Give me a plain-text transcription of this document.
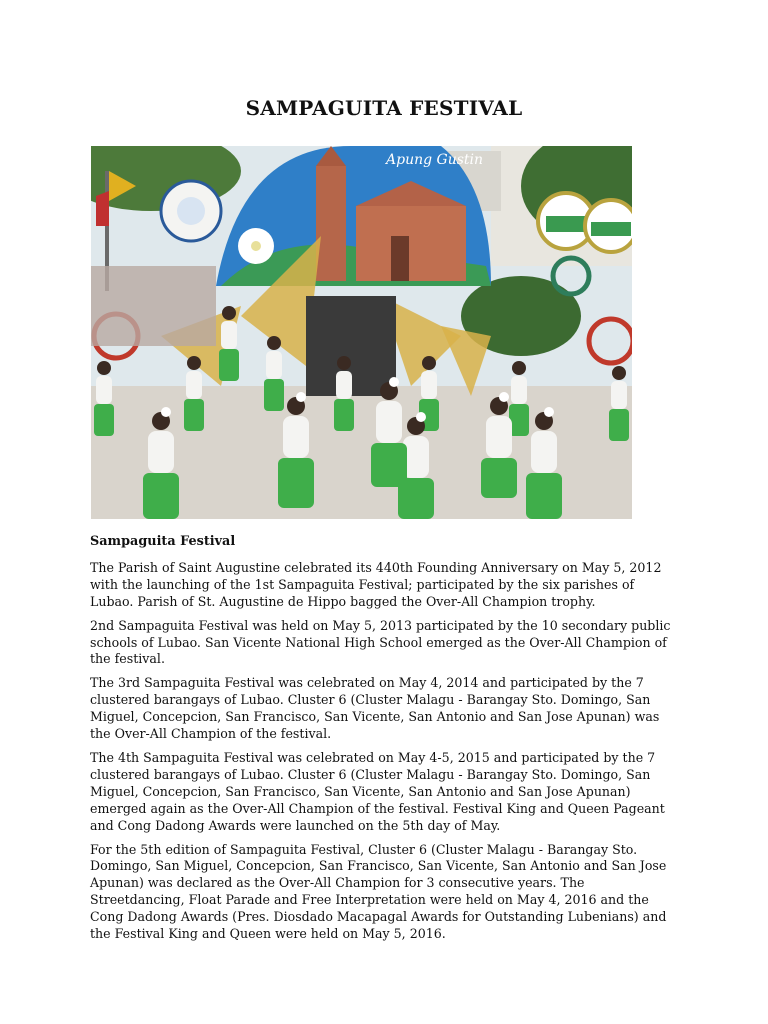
SAMPAGUITA FESTIVAL
Apung Gustin
Sampaguita Festival

The Parish of Saint Augustine celebrated its 440th Founding Anniversary on May 5, 2012 with the launching of the 1st Sampaguita Festival; participated by the six parishes of Lubao. Parish of St. Augustine de Hippo bagged the Over-All Champion trophy.

2nd Sampaguita Festival was held on May 5, 2013 participated by the 10 secondary public schools of Lubao. San Vicente National High School emerged as the Over-All Champion of the festival.

The 3rd Sampaguita Festival was celebrated on May 4, 2014 and participated by the 7 clustered barangays of Lubao. Cluster 6 (Cluster Malagu - Barangay Sto. Domingo, San Miguel, Concepcion, San Francisco, San Vicente, San Antonio and San Jose Apunan) was the Over-All Champion of the festival.

The 4th Sampaguita Festival was celebrated on May 4-5, 2015 and participated by the 7 clustered barangays of Lubao. Cluster 6 (Cluster Malagu - Barangay Sto. Domingo, San Miguel, Concepcion, San Francisco, San Vicente, San Antonio and San Jose Apunan) emerged again as the Over-All Champion of the festival. Festival King and Queen Pageant and Cong Dadong Awards were launched on the 5th day of May.

For the 5th edition of Sampaguita Festival, Cluster 6 (Cluster Malagu - Barangay Sto. Domingo, San Miguel, Concepcion, San Francisco, San Vicente, San Antonio and San Jose Apunan) was declared as the Over-All Champion for 3 consecutive years. The Streetdancing, Float Parade and Free Interpretation were held on May 4, 2016 and the Cong Dadong Awards (Pres. Diosdado Macapagal Awards for Outstanding Lubenians) and the Festival King and Queen were held on May 5, 2016.
